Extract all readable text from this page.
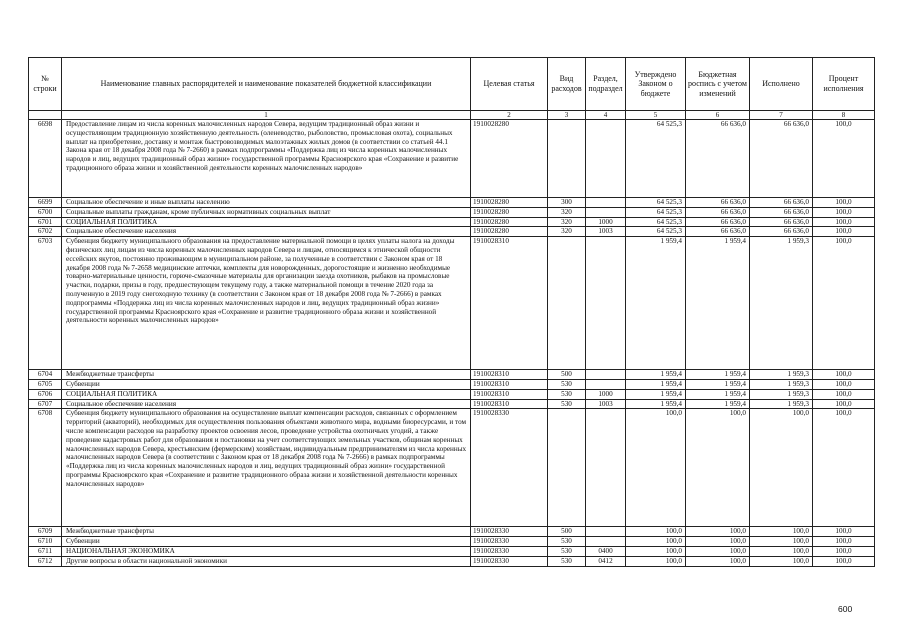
№ строки	Наименование главных распорядителей и наименование показателей бюджетной классификации	Целевая статья	Вид расходов	Раздел, подраздел	Утверждено Законом о бюджете	Бюджетная роспись с учетом изменений	Исполнено	Процент исполнения
	1	2	3	4	5	6	7	8
6698	Предоставление лицам из числа коренных малочисленных народов Севера, ведущим традиционный образ жизни и осуществляющим традиционную хозяйственную деятельность (оленеводство, рыболовство, промысловая охота), социальных выплат на приобретение, доставку и монтаж быстровозводимых малоэтажных жилых домов (в соответствии со статьей 44.1 Закона края от 18 декабря 2008 года № 7-2660) в рамках подпрограммы «Поддержка лиц из числа коренных малочисленных народов и лиц, ведущих традиционный образ жизни» государственной программы Красноярского края «Сохранение и развитие традиционного образа жизни и хозяйственной деятельности коренных малочисленных народов»	1910028280			64 525,3	66 636,0	66 636,0	100,0
6699	Социальное обеспечение и иные выплаты населению	1910028280	300		64 525,3	66 636,0	66 636,0	100,0
6700	Социальные выплаты гражданам, кроме публичных нормативных социальных выплат	1910028280	320		64 525,3	66 636,0	66 636,0	100,0
6701	СОЦИАЛЬНАЯ ПОЛИТИКА	1910028280	320	1000	64 525,3	66 636,0	66 636,0	100,0
6702	Социальное обеспечение населения	1910028280	320	1003	64 525,3	66 636,0	66 636,0	100,0
6703	Субвенция бюджету муниципального образования на предоставление материальной помощи в целях уплаты налога на доходы физических лиц лицам из числа коренных малочисленных народов Севера и лицам, относящимся к этнической общности ессейских якутов, постоянно проживающим в муниципальном районе, за полученные в соответствии с Законом края от 18 декабря 2008 года № 7-2658 медицинские аптечки, комплекты для новорожденных, дорогостоящие и жизненно необходимые товарно-материальные ценности, горюче-смазочные материалы для организации заезда охотников, рыбаков на промысловые участки, подарки, призы в году, предшествующем текущему году, а также материальной помощи в течение 2020 года за полученную в 2019 году снегоходную технику (в соответствии с Законом края от 18 декабря 2008 года № 7-2666) в рамках подпрограммы «Поддержка лиц из числа коренных малочисленных народов и лиц, ведущих традиционный образ жизни» государственной программы Красноярского края «Сохранение и развитие традиционного образа жизни и хозяйственной деятельности коренных малочисленных народов»	1910028310			1 959,4	1 959,4	1 959,3	100,0
6704	Межбюджетные трансферты	1910028310	500		1 959,4	1 959,4	1 959,3	100,0
6705	Субвенции	1910028310	530		1 959,4	1 959,4	1 959,3	100,0
6706	СОЦИАЛЬНАЯ ПОЛИТИКА	1910028310	530	1000	1 959,4	1 959,4	1 959,3	100,0
6707	Социальное обеспечение населения	1910028310	530	1003	1 959,4	1 959,4	1 959,3	100,0
6708	Субвенция бюджету муниципального образования на осуществление выплат компенсации расходов, связанных с оформлением территорий (акваторий), необходимых для осуществления пользования объектами животного мира, водными биоресурсами, и том числе компенсации расходов на разработку проектов освоения лесов, проведение устройства охотничьих угодий, а также проведение кадастровых работ для образования и постановки на учет соответствующих земельных участков, общинам коренных малочисленных народов Севера, крестьянским (фермерским) хозяйствам, индивидуальным предпринимателям из числа коренных малочисленных народов Севера (в соответствии с Законом края от 18 декабря 2008 года № 7-2666) в рамках подпрограммы «Поддержка лиц из числа коренных малочисленных народов и лиц, ведущих традиционный образ жизни» государственной программы Красноярского края «Сохранение и развитие традиционного образа жизни и хозяйственной деятельности коренных малочисленных народов»	1910028330			100,0	100,0	100,0	100,0
6709	Межбюджетные трансферты	1910028330	500		100,0	100,0	100,0	100,0
6710	Субвенции	1910028330	530		100,0	100,0	100,0	100,0
6711	НАЦИОНАЛЬНАЯ ЭКОНОМИКА	1910028330	530	0400	100,0	100,0	100,0	100,0
6712	Другие вопросы в области национальной экономики	1910028330	530	0412	100,0	100,0	100,0	100,0
600
